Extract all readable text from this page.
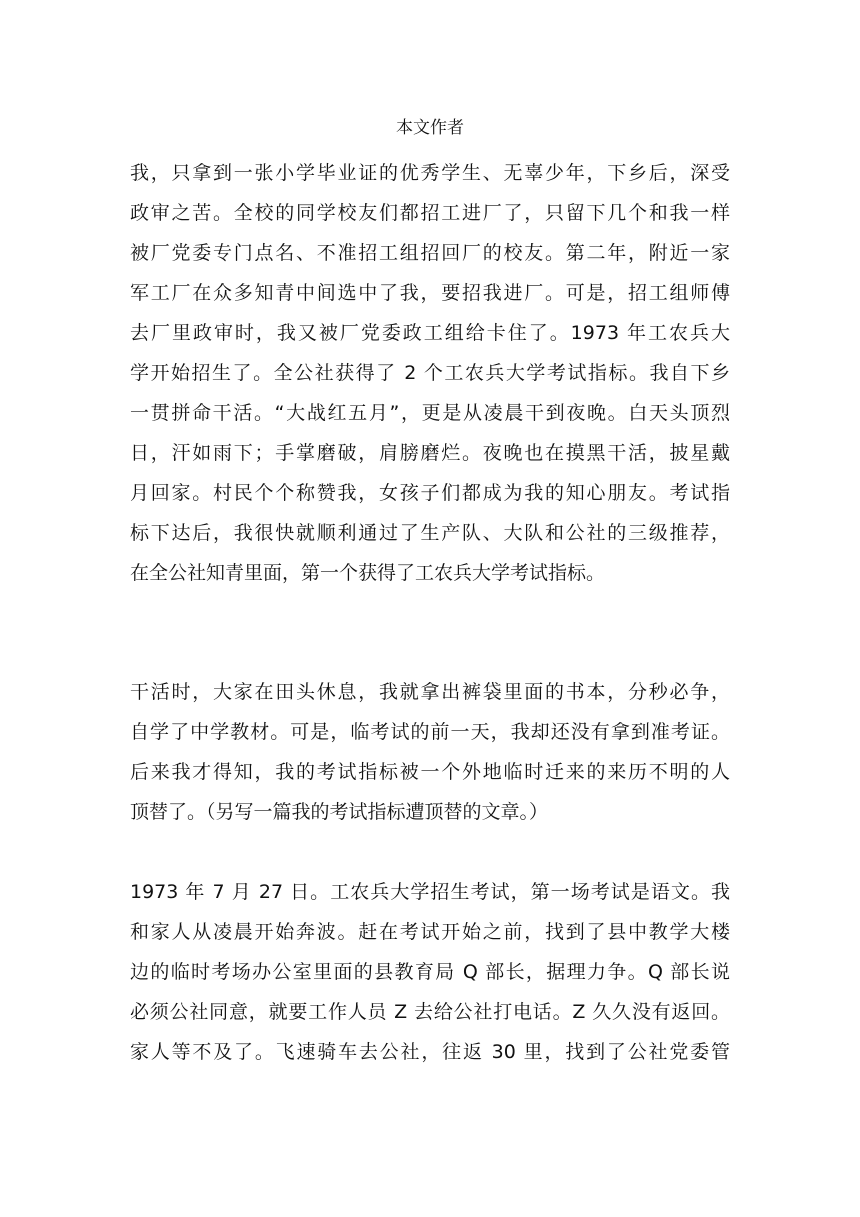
本文作者
我，只拿到一张小学毕业证的优秀学生、无辜少年，下乡后，深受
政审之苦。全校的同学校友们都招工进厂了，只留下几个和我一样
被厂党委专门点名、不准招工组招回厂的校友。第二年，附近一家
军工厂在众多知青中间选中了我，要招我进厂。可是，招工组师傅
去厂里政审时，我又被厂党委政工组给卡住了。1973 年工农兵大
学开始招生了。全公社获得了 2 个工农兵大学考试指标。我自下乡
一贯拼命干活。“大战红五月”，更是从凌晨干到夜晚。白天头顶烈
日，汗如雨下；手掌磨破，肩膀磨烂。夜晚也在摸黑干活，披星戴
月回家。村民个个称赞我，女孩子们都成为我的知心朋友。考试指
标下达后，我很快就顺利通过了生产队、大队和公社的三级推荐，
在全公社知青里面，第一个获得了工农兵大学考试指标。
干活时，大家在田头休息，我就拿出裤袋里面的书本，分秒必争，
自学了中学教材。可是，临考试的前一天，我却还没有拿到准考证。
后来我才得知，我的考试指标被一个外地临时迁来的来历不明的人
顶替了。（另写一篇我的考试指标遭顶替的文章。）
1973 年 7 月 27 日。工农兵大学招生考试，第一场考试是语文。我
和家人从凌晨开始奔波。赶在考试开始之前，找到了县中教学大楼
边的临时考场办公室里面的县教育局 Q 部长，据理力争。Q 部长说
必须公社同意，就要工作人员 Z 去给公社打电话。Z 久久没有返回。
家人等不及了。飞速骑车去公社，往返 30 里，找到了公社党委管
